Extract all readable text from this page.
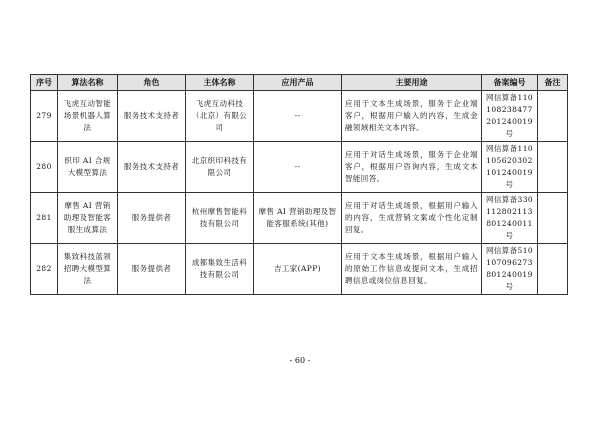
序号	算法名称	角色	主体名称	应用产品	主要用途	备案编号	备注
279	飞虎互动智能场景机器人算法	服务技术支持者	飞虎互动科技（北京）有限公司	--	应用于文本生成场景，服务于企业端客户，根据用户输入的内容，生成金融领域相关文本内容。	网信算备110108238477201240019 号	
280	织印 AI 合规大模型算法	服务技术支持者	北京织印科技有限公司	--	应用于对话生成场景，服务于企业端客户，根据用户咨询内容，生成文本智能回答。	网信算备110105620302101240019 号	
281	摩售 AI 营销助理及智能客服生成算法	服务提供者	杭州摩售智能科技有限公司	摩售 AI 营销助理及智能客服系统(其他)	应用于对话生成场景，根据用户输入的内容，生成营销文案或个性化定制回复。	网信算备330112802113801240011 号	
282	集致科技蓝领招聘大模型算法	服务提供者	成都集致生活科技有限公司	吉工家(APP)	应用于文本生成场景，根据用户输入的原始工作信息或提问文本，生成招聘信息或岗位信息回复。	网信算备510107096273801240019 号	
- 60 -
